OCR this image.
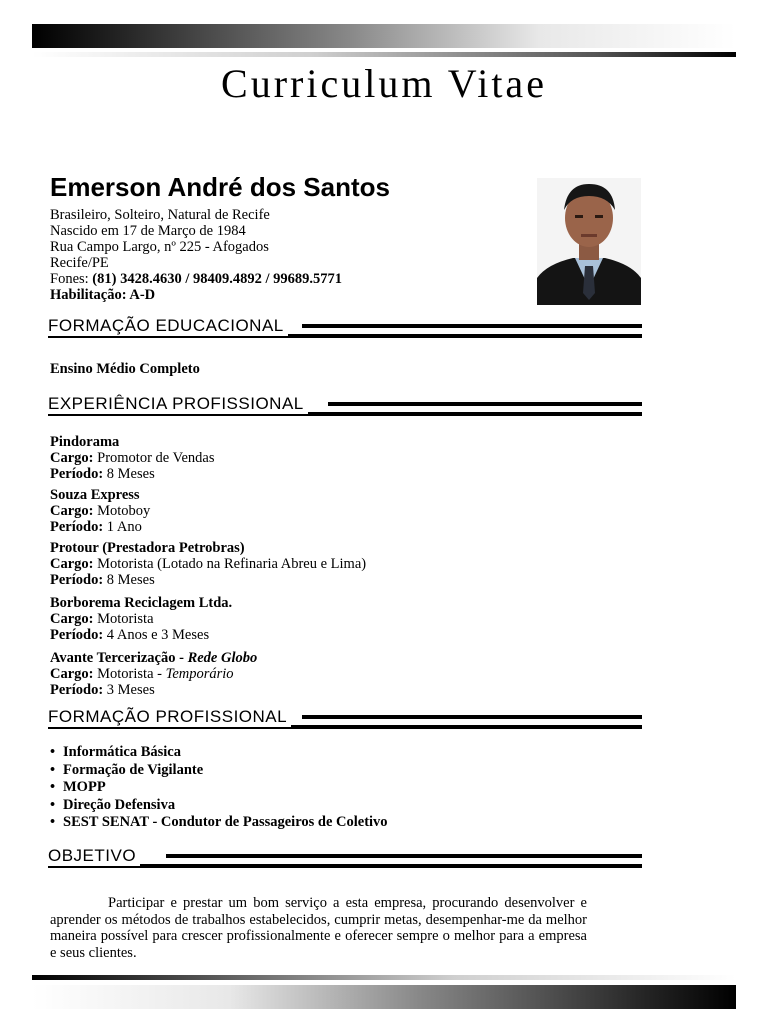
Curriculum Vitae
Emerson André dos Santos
Brasileiro, Solteiro, Natural de Recife
Nascido em 17 de Março de 1984
Rua Campo Largo, nº 225 - Afogados
Recife/PE
Fones: (81) 3428.4630 / 98409.4892 / 99689.5771
Habilitação: A-D
FORMAÇÃO EDUCACIONAL
Ensino Médio Completo
EXPERIÊNCIA PROFISSIONAL
Pindorama
Cargo: Promotor de Vendas
Período: 8 Meses
Souza Express
Cargo: Motoboy
Período: 1 Ano
Protour (Prestadora Petrobras)
Cargo: Motorista (Lotado na Refinaria Abreu e Lima)
Período: 8 Meses
Borborema Reciclagem Ltda.
Cargo: Motorista
Período: 4 Anos e 3 Meses
Avante Tercerização - Rede Globo
Cargo: Motorista - Temporário
Período: 3 Meses
FORMAÇÃO PROFISSIONAL
• Informática Básica
• Formação de Vigilante
• MOPP
• Direção Defensiva
• SEST SENAT - Condutor de Passageiros de Coletivo
OBJETIVO
Participar e prestar um bom serviço a esta empresa, procurando desenvolver e aprender os métodos de trabalhos estabelecidos, cumprir metas, desempenhar-me da melhor maneira possível para crescer profissionalmente e oferecer sempre o melhor para a empresa e seus clientes.
